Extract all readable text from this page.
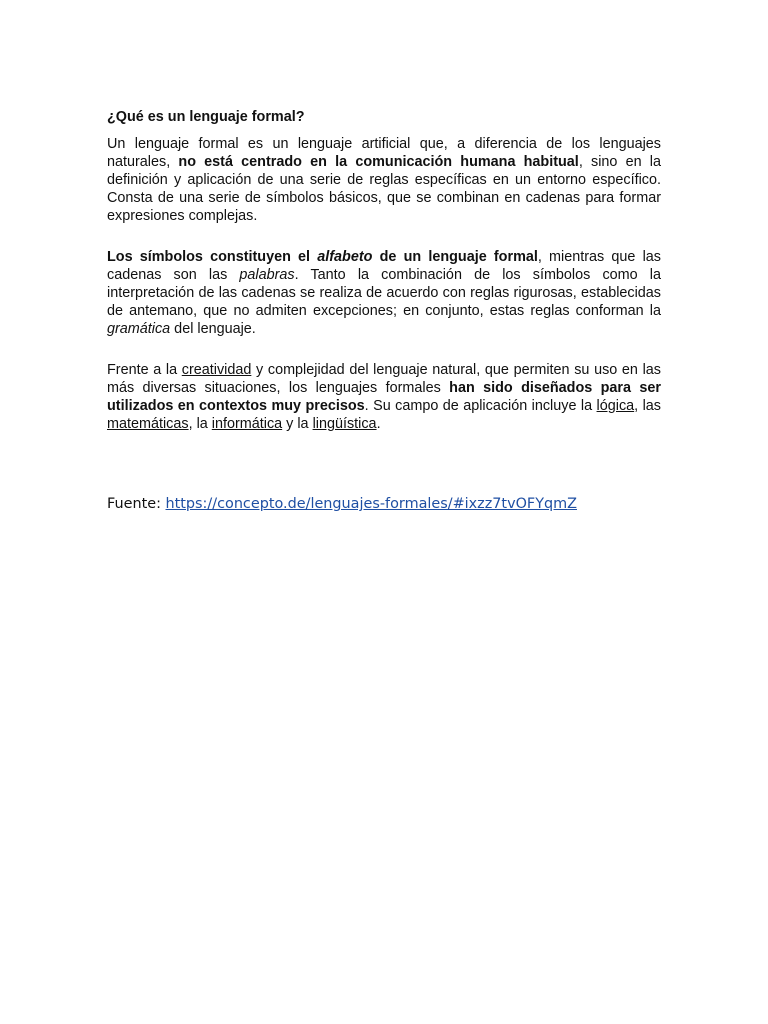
¿Qué es un lenguaje formal?

Un lenguaje formal es un lenguaje artificial que, a diferencia de los lenguajes naturales, no está centrado en la comunicación humana habitual, sino en la definición y aplicación de una serie de reglas específicas en un entorno específico. Consta de una serie de símbolos básicos, que se combinan en cadenas para formar expresiones complejas.

Los símbolos constituyen el alfabeto de un lenguaje formal, mientras que las cadenas son las palabras. Tanto la combinación de los símbolos como la interpretación de las cadenas se realiza de acuerdo con reglas rigurosas, establecidas de antemano, que no admiten excepciones; en conjunto, estas reglas conforman la gramática del lenguaje.

Frente a la creatividad y complejidad del lenguaje natural, que permiten su uso en las más diversas situaciones, los lenguajes formales han sido diseñados para ser utilizados en contextos muy precisos. Su campo de aplicación incluye la lógica, las matemáticas, la informática y la lingüística.

Fuente: https://concepto.de/lenguajes-formales/#ixzz7tvOFYqmZ
